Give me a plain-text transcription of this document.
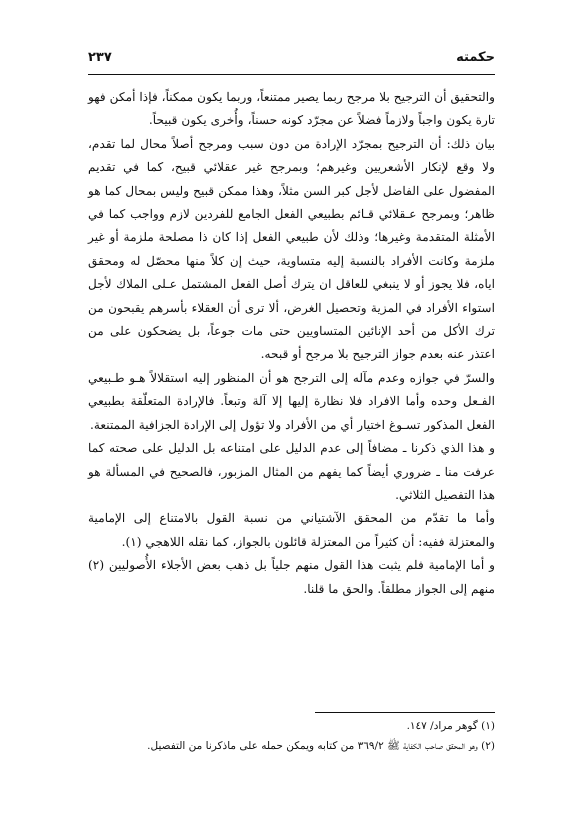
حكمته
٢٣٧

والتحقيق أن الترجيح بلا مرجح ربما يصير ممتنعاً، وربما يكون ممكناً، فإذا أمكن فهو تارة يكون واجباً ولازماً فضلاً عن مجرّد كونه حسناً، وأُخرى يكون قبيحاً.

بيان ذلك: أن الترجيح بمجرّد الإرادة من دون سبب ومرجح أصلاً محال لما تقدم، ولا وقع لإنكار الأشعريين وغيرهم؛ وبمرجح غير عقلائي قبيح، كما في تقديم المفضول على الفاضل لأجل كبر السن مثلاً، وهذا ممكن قبيح وليس بمحال كما هو ظاهر؛ وبمرجح عـقلائي قـائم بطبيعي الفعل الجامع للفردين لازم وواجب كما في الأمثلة المتقدمة وغيرها؛ وذلك لأن طبيعي الفعل إذا كان ذا مصلحة ملزمة أو غير ملزمة وكانت الأفراد بالنسبة إليه متساوية، حيث إن كلاً منها محصّل له ومحقق اياه، فلا يجوز أو لا ينبغي للعاقل ان يترك أصل الفعل المشتمل عـلى الملاك لأجل استواء الأفراد في المزية وتحصيل الغرض، ألا ترى أن العقلاء بأسرهم يقبحون من ترك الأكل من أحد الإنائين المتساويين حتى مات جوعاً، بل يضحكون على من اعتذر عنه بعدم جواز الترجيح بلا مرجح أو قبحه.

والسرّ في جوازه وعدم مآله إلى الترجح هو أن المنظور إليه استقلالاً هـو طـبيعي الفـعل وحده وأما الافراد فلا نظارة إليها إلا آلة وتبعاً. فالإرادة المتعلّقة بطبيعي الفعل المذكور تسـوغ اختيار أي من الأفراد ولا تؤول إلى الإرادة الجزافية الممتنعة.

و هذا الذي ذكرنا ـ مضافاً إلى عدم الدليل على امتناعه بل الدليل على صحته كما عرفت منا ـ ضروري أيضاً كما يفهم من المثال المزبور، فالصحيح في المسألة هو هذا التفصيل الثلاثي.

وأما ما تقدّم من المحقق الآشتياني من نسبة القول بالامتناع إلى الإمامية والمعتزلة ففيه: أن كثيراً من المعتزلة قائلون بالجواز، كما نقله اللاهجي (١).

و أما الإمامية فلم يثبت هذا القول منهم جلياً بل ذهب بعض الأجلاء الأُصوليين (٢) منهم إلى الجواز مطلقاً. والحق ما قلنا.

(١) گوهر مراد/ ١٤٧.

(٢) وهو المحقق صاحب الكفاية ﷺ ٣٦٩/٢ من كتابه ويمكن حمله على ماذكرنا من التفصيل.
